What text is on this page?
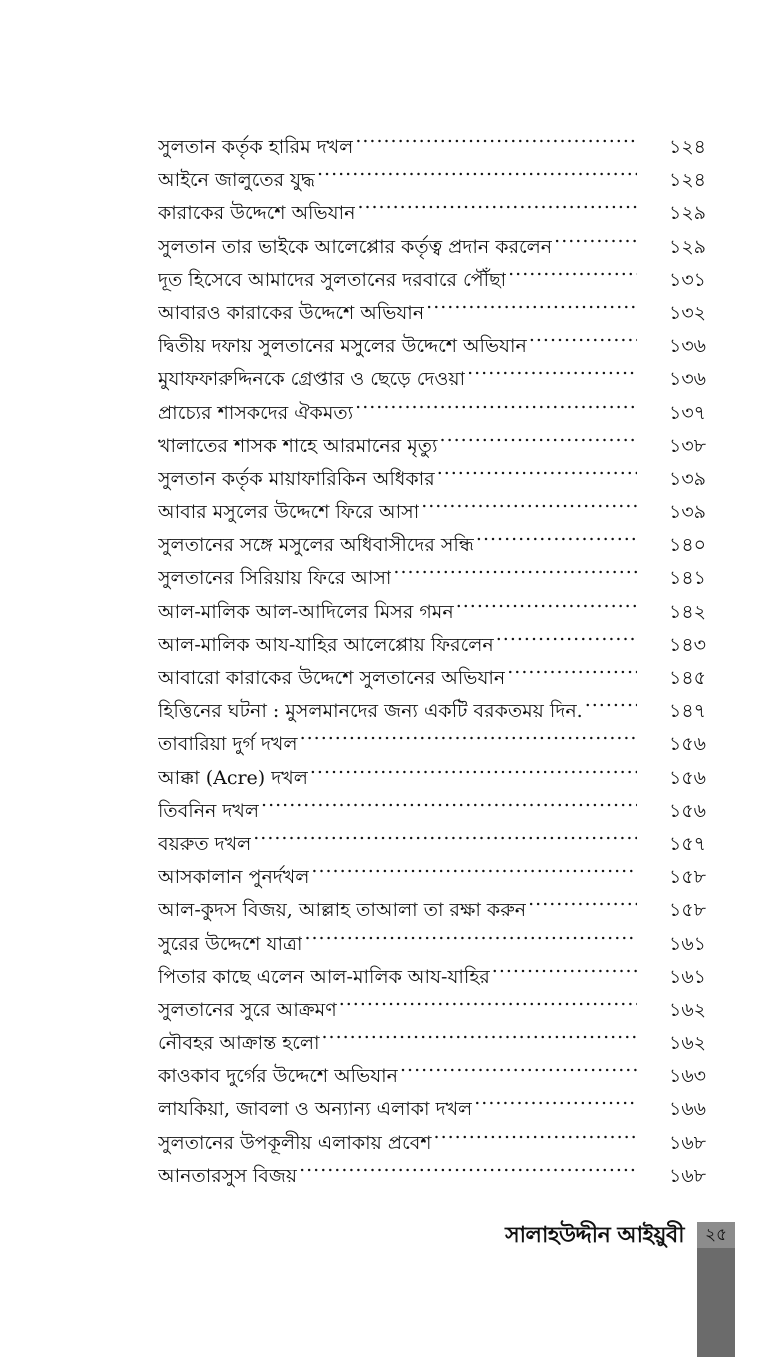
সুলতান কর্তৃক হারিম দখল .....	১২৪
আইনে জালুতের যুদ্ধ .....	১২৪
কারাকের উদ্দেশে অভিযান .....	১২৯
সুলতান তার ভাইকে আলেপ্পোর কর্তৃত্ব প্রদান করলেন .....	১২৯
দূত হিসেবে আমাদের সুলতানের দরবারে পৌঁছা .....	১৩১
আবারও কারাকের উদ্দেশে অভিযান .....	১৩২
দ্বিতীয় দফায় সুলতানের মসুলের উদ্দেশে অভিযান .....	১৩৬
মুযাফফারুদ্দিনকে গ্রেপ্তার ও ছেড়ে দেওয়া .....	১৩৬
প্রাচ্যের শাসকদের ঐকমত্য .....	১৩৭
খালাতের শাসক শাহে আরমানের মৃত্যু .....	১৩৮
সুলতান কর্তৃক মায়াফারিকিন অধিকার .....	১৩৯
আবার মসুলের উদ্দেশে ফিরে আসা .....	১৩৯
সুলতানের সঙ্গে মসুলের অধিবাসীদের সন্ধি .....	১৪০
সুলতানের সিরিয়ায় ফিরে আসা .....	১৪১
আল-মালিক আল-আদিলের মিসর গমন .....	১৪২
আল-মালিক আয-যাহির আলেপ্পোয় ফিরলেন .....	১৪৩
আবারো কারাকের উদ্দেশে সুলতানের অভিযান .....	১৪৫
হিত্তিনের ঘটনা : মুসলমানদের জন্য একটি বরকতময় দিন. .....	১৪৭
তাবারিয়া দুর্গ দখল .....	১৫৬
আক্কা (Acre) দখল .....	১৫৬
তিবনিন দখল .....	১৫৬
বয়রুত দখল .....	১৫৭
আসকালান পুনর্দখল .....	১৫৮
আল-কুদস বিজয়, আল্লাহ তাআলা তা রক্ষা করুন .....	১৫৮
সুরের উদ্দেশে যাত্রা .....	১৬১
পিতার কাছে এলেন আল-মালিক আয-যাহির .....	১৬১
সুলতানের সুরে আক্রমণ .....	১৬২
নৌবহর আক্রান্ত হলো .....	১৬২
কাওকাব দুর্গের উদ্দেশে অভিযান .....	১৬৩
লাযকিয়া, জাবলা ও অন্যান্য এলাকা দখল .....	১৬৬
সুলতানের উপকূলীয় এলাকায় প্রবেশ .....	১৬৮
আনতারসুস বিজয় .....	১৬৮
সালাহউদ্দীন আইয়ুবী	২৫
